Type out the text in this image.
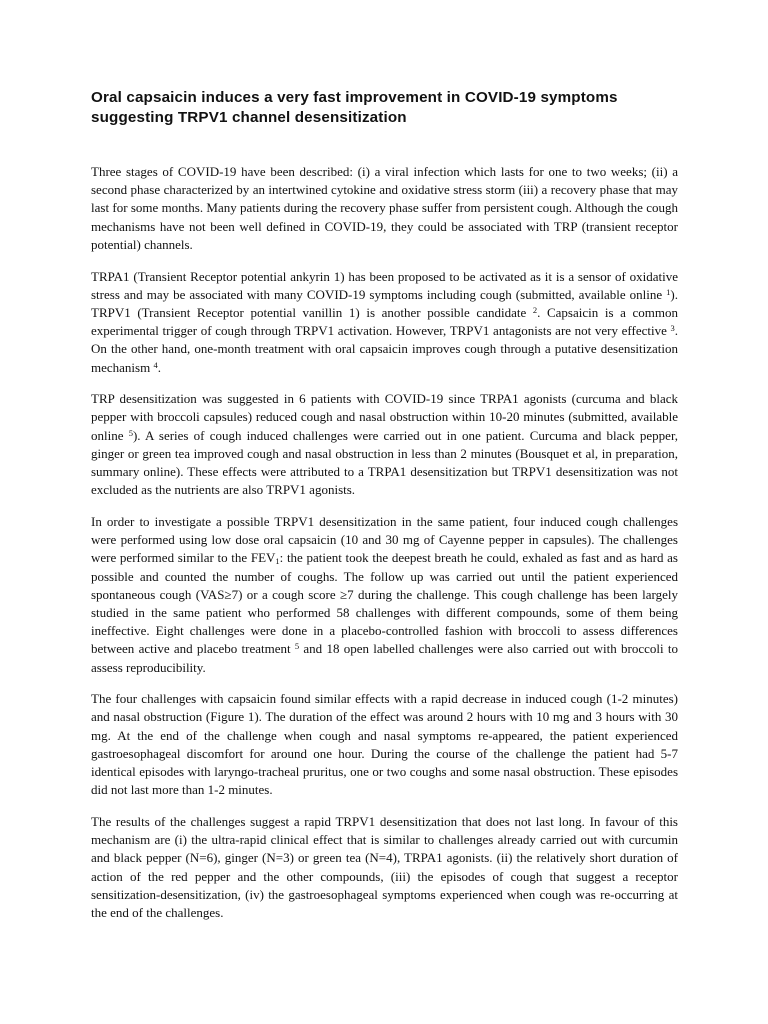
Oral capsaicin induces a very fast improvement in COVID-19 symptoms suggesting TRPV1 channel desensitization

Three stages of COVID-19 have been described: (i) a viral infection which lasts for one to two weeks; (ii) a second phase characterized by an intertwined cytokine and oxidative stress storm (iii) a recovery phase that may last for some months. Many patients during the recovery phase suffer from persistent cough. Although the cough mechanisms have not been well defined in COVID-19, they could be associated with TRP (transient receptor potential) channels.

TRPA1 (Transient Receptor potential ankyrin 1) has been proposed to be activated as it is a sensor of oxidative stress and may be associated with many COVID-19 symptoms including cough (submitted, available online $^1$). TRPV1 (Transient Receptor potential vanillin 1) is another possible candidate $^2$. Capsaicin is a common experimental trigger of cough through TRPV1 activation. However, TRPV1 antagonists are not very effective $^3$. On the other hand, one-month treatment with oral capsaicin improves cough through a putative desensitization mechanism $^4$.

TRP desensitization was suggested in 6 patients with COVID-19 since TRPA1 agonists (curcuma and black pepper with broccoli capsules) reduced cough and nasal obstruction within 10-20 minutes (submitted, available online $^5$). A series of cough induced challenges were carried out in one patient. Curcuma and black pepper, ginger or green tea improved cough and nasal obstruction in less than 2 minutes (Bousquet et al, in preparation, summary online). These effects were attributed to a TRPA1 desensitization but TRPV1 desensitization was not excluded as the nutrients are also TRPV1 agonists.

In order to investigate a possible TRPV1 desensitization in the same patient, four induced cough challenges were performed using low dose oral capsaicin (10 and 30 mg of Cayenne pepper in capsules). The challenges were performed similar to the $FEV_1$: the patient took the deepest breath he could, exhaled as fast and as hard as possible and counted the number of coughs. The follow up was carried out until the patient experienced spontaneous cough (VAS≥7) or a cough score ≥7 during the challenge. This cough challenge has been largely studied in the same patient who performed 58 challenges with different compounds, some of them being ineffective. Eight challenges were done in a placebo-controlled fashion with broccoli to assess differences between active and placebo treatment $^5$ and 18 open labelled challenges were also carried out with broccoli to assess reproducibility.

The four challenges with capsaicin found similar effects with a rapid decrease in induced cough (1-2 minutes) and nasal obstruction (Figure 1). The duration of the effect was around 2 hours with 10 mg and 3 hours with 30 mg. At the end of the challenge when cough and nasal symptoms re-appeared, the patient experienced gastroesophageal discomfort for around one hour. During the course of the challenge the patient had 5-7 identical episodes with laryngo-tracheal pruritus, one or two coughs and some nasal obstruction. These episodes did not last more than 1-2 minutes.

The results of the challenges suggest a rapid TRPV1 desensitization that does not last long. In favour of this mechanism are (i) the ultra-rapid clinical effect that is similar to challenges already carried out with curcumin and black pepper (N=6), ginger (N=3) or green tea (N=4), TRPA1 agonists. (ii) the relatively short duration of action of the red pepper and the other compounds, (iii) the episodes of cough that suggest a receptor sensitization-desensitization, (iv) the gastroesophageal symptoms experienced when cough was re-occurring at the end of the challenges.
